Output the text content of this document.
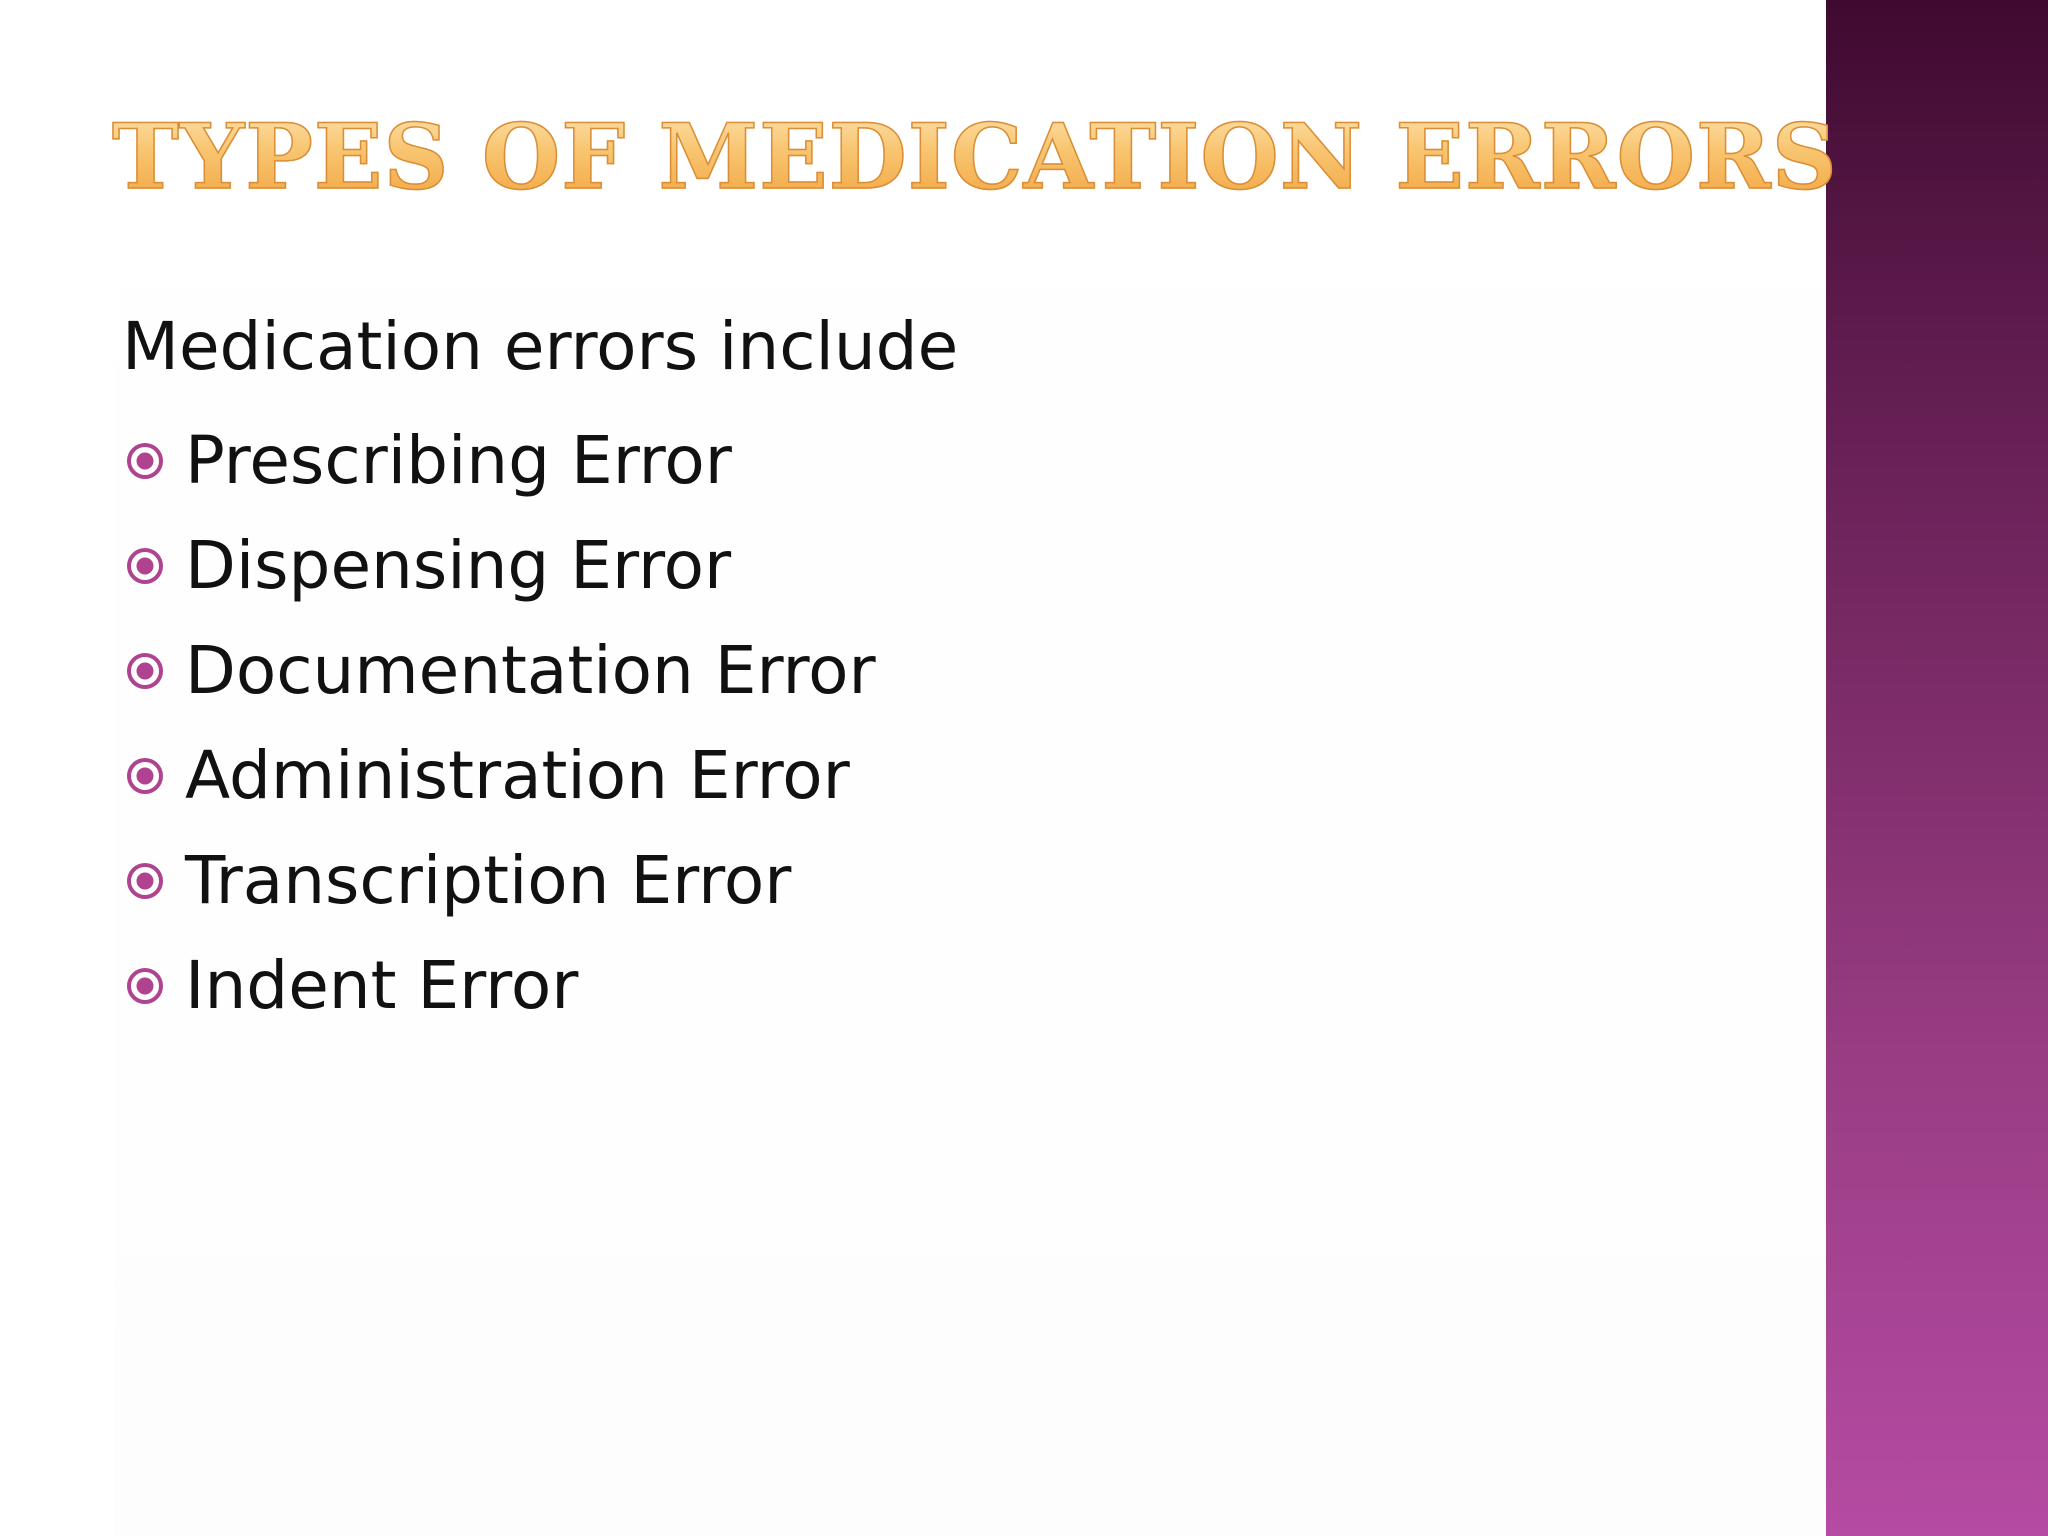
TYPES OF MEDICATION ERRORS
Medication errors include
Prescribing Error
Dispensing Error
Documentation Error
Administration Error
Transcription Error
Indent Error
